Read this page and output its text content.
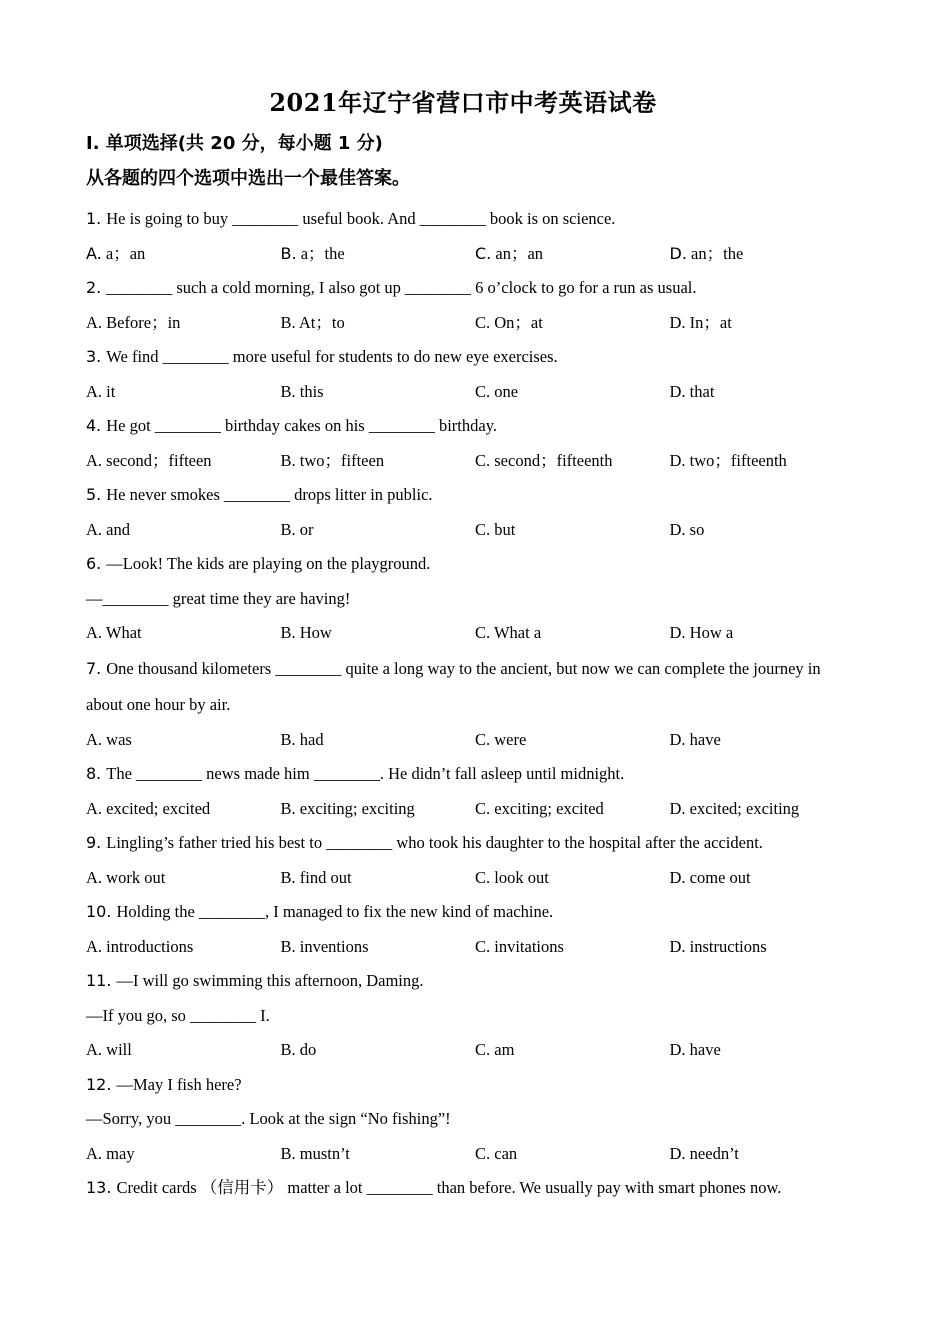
2021年辽宁省营口市中考英语试卷
Ⅰ. 单项选择(共 20 分，每小题 1 分)
从各题的四个选项中选出一个最佳答案。
1. He is going to buy ________ useful book. And ________ book is on science.
A. a；an	B. a；the	C. an；an	D. an；the
2. ________ such a cold morning, I also got up ________ 6 o’clock to go for a run as usual.
A. Before；in	B. At；to	C. On；at	D. In；at
3. We find ________ more useful for students to do new eye exercises.
A. it	B. this	C. one	D. that
4. He got ________ birthday cakes on his ________ birthday.
A. second；fifteen	B. two；fifteen	C. second；fifteenth	D. two；fifteenth
5. He never smokes ________ drops litter in public.
A. and	B. or	C. but	D. so
6. —Look! The kids are playing on the playground.
—________ great time they are having!
A. What	B. How	C. What a	D. How a
7. One thousand kilometers ________ quite a long way to the ancient, but now we can complete the journey in about one hour by air.
A. was	B. had	C. were	D. have
8. The ________ news made him ________. He didn’t fall asleep until midnight.
A. excited; excited	B. exciting; exciting	C. exciting; excited	D. excited; exciting
9. Lingling’s father tried his best to ________ who took his daughter to the hospital after the accident.
A. work out	B. find out	C. look out	D. come out
10. Holding the ________, I managed to fix the new kind of machine.
A. introductions	B. inventions	C. invitations	D. instructions
11. —I will go swimming this afternoon, Daming.
—If you go, so ________ I.
A. will	B. do	C. am	D. have
12. —May I fish here?
—Sorry, you ________. Look at the sign “No fishing”!
A. may	B. mustn’t	C. can	D. needn’t
13. Credit cards （信用卡） matter a lot ________ than before. We usually pay with smart phones now.
